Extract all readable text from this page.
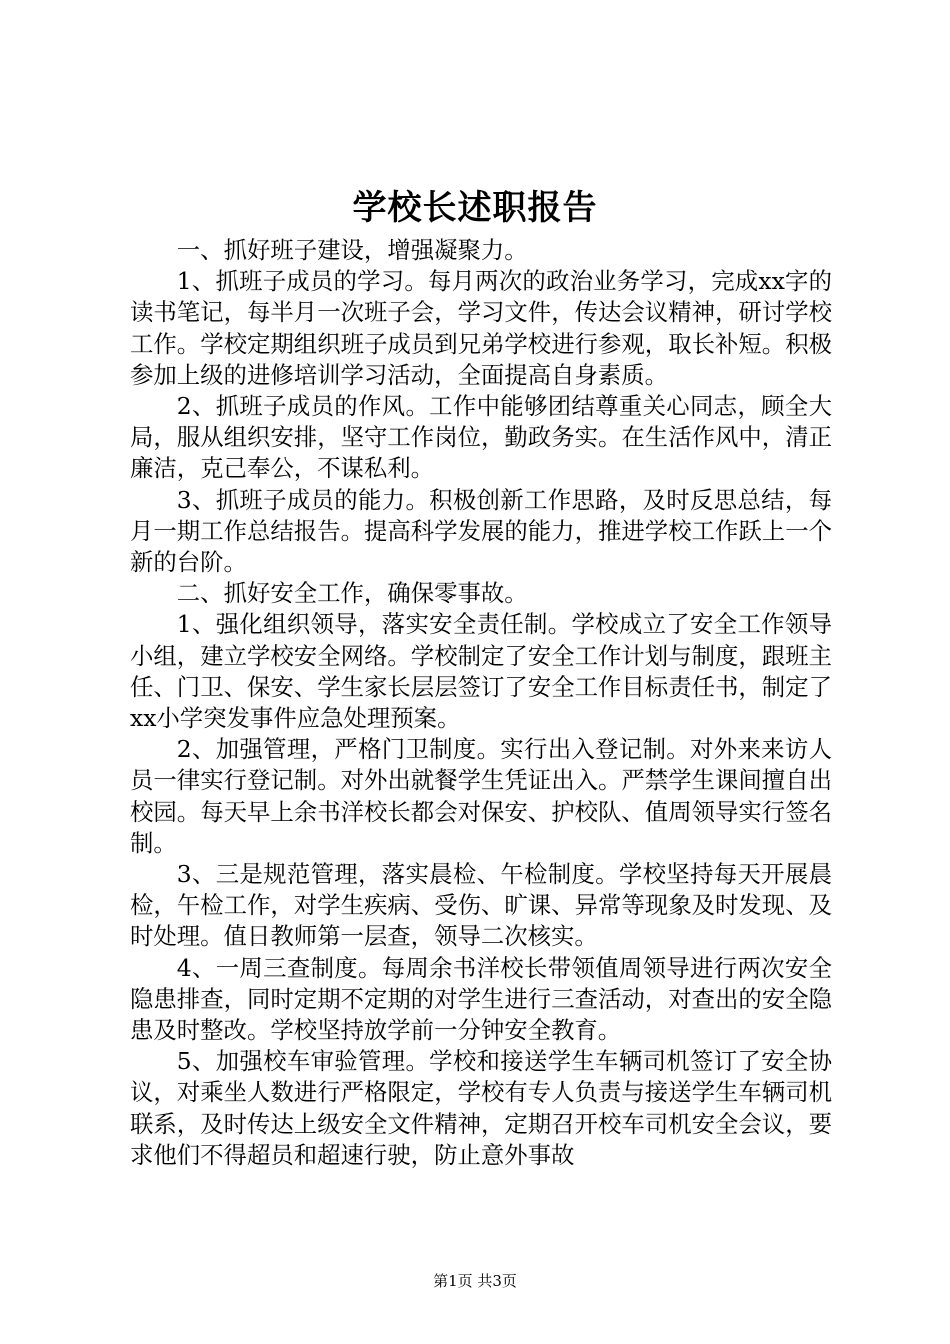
学校长述职报告

一、抓好班子建设，增强凝聚力。

1、抓班子成员的学习。每月两次的政治业务学习，完成xx字的读书笔记，每半月一次班子会，学习文件，传达会议精神，研讨学校工作。学校定期组织班子成员到兄弟学校进行参观，取长补短。积极参加上级的进修培训学习活动，全面提高自身素质。

2、抓班子成员的作风。工作中能够团结尊重关心同志，顾全大局，服从组织安排，坚守工作岗位，勤政务实。在生活作风中，清正廉洁，克己奉公，不谋私利。

3、抓班子成员的能力。积极创新工作思路，及时反思总结，每月一期工作总结报告。提高科学发展的能力，推进学校工作跃上一个新的台阶。

二、抓好安全工作，确保零事故。

1、强化组织领导，落实安全责任制。学校成立了安全工作领导小组，建立学校安全网络。学校制定了安全工作计划与制度，跟班主任、门卫、保安、学生家长层层签订了安全工作目标责任书，制定了xx小学突发事件应急处理预案。

2、加强管理，严格门卫制度。实行出入登记制。对外来来访人员一律实行登记制。对外出就餐学生凭证出入。严禁学生课间擅自出校园。每天早上余书洋校长都会对保安、护校队、值周领导实行签名制。

3、三是规范管理，落实晨检、午检制度。学校坚持每天开展晨检，午检工作，对学生疾病、受伤、旷课、异常等现象及时发现、及时处理。值日教师第一层查，领导二次核实。

4、一周三查制度。每周余书洋校长带领值周领导进行两次安全隐患排查，同时定期不定期的对学生进行三查活动，对查出的安全隐患及时整改。学校坚持放学前一分钟安全教育。

5、加强校车审验管理。学校和接送学生车辆司机签订了安全协议，对乘坐人数进行严格限定，学校有专人负责与接送学生车辆司机联系，及时传达上级安全文件精神，定期召开校车司机安全会议，要求他们不得超员和超速行驶，防止意外事故

第1页 共3页
